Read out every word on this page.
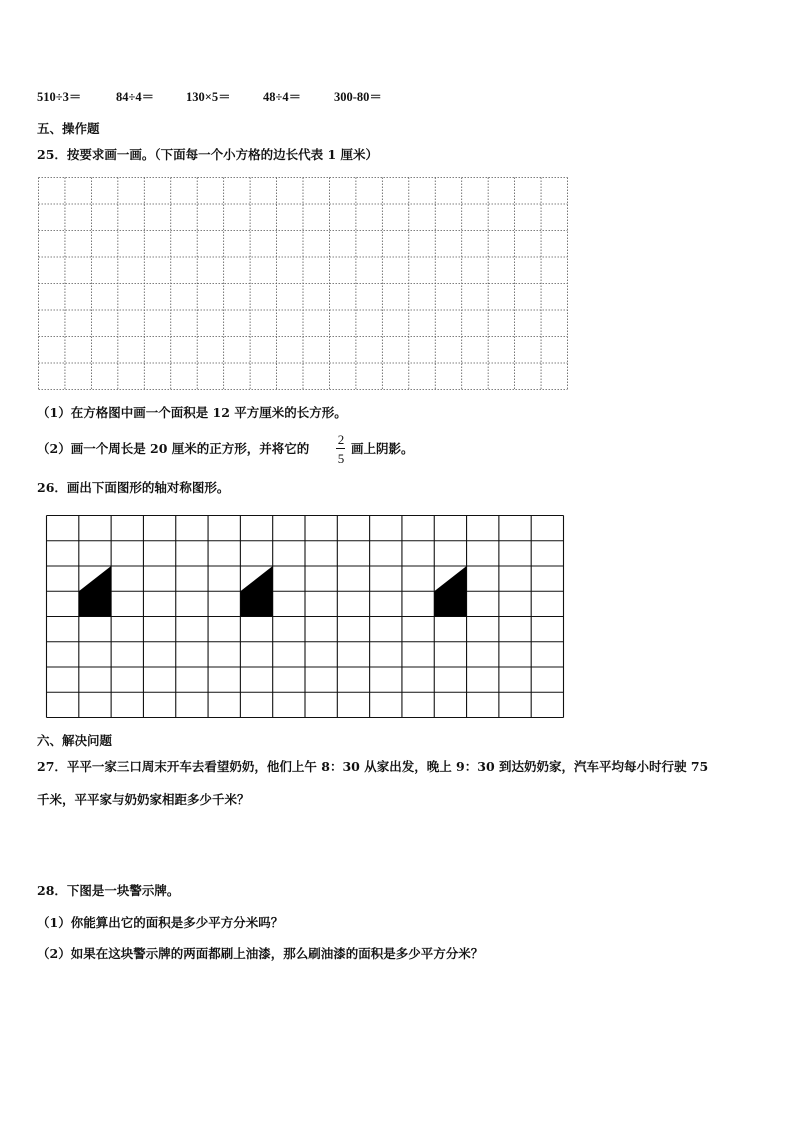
510÷3＝	84÷4＝	130×5＝	48÷4＝	300-80＝
五、操作题
25．按要求画一画。（下面每一个小方格的边长代表 1 厘米）
（1）在方格图中画一个面积是 12 平方厘米的长方形。
（2）画一个周长是 20 厘米的正方形，并将它的
2
5
画上阴影。
26．画出下面图形的轴对称图形。
六、解决问题
27．平平一家三口周末开车去看望奶奶，他们上午 8：30 从家出发，晚上 9：30 到达奶奶家，汽车平均每小时行驶 75
千米，平平家与奶奶家相距多少千米？
28．下图是一块警示牌。
（1）你能算出它的面积是多少平方分米吗？
（2）如果在这块警示牌的两面都刷上油漆，那么刷油漆的面积是多少平方分米？
